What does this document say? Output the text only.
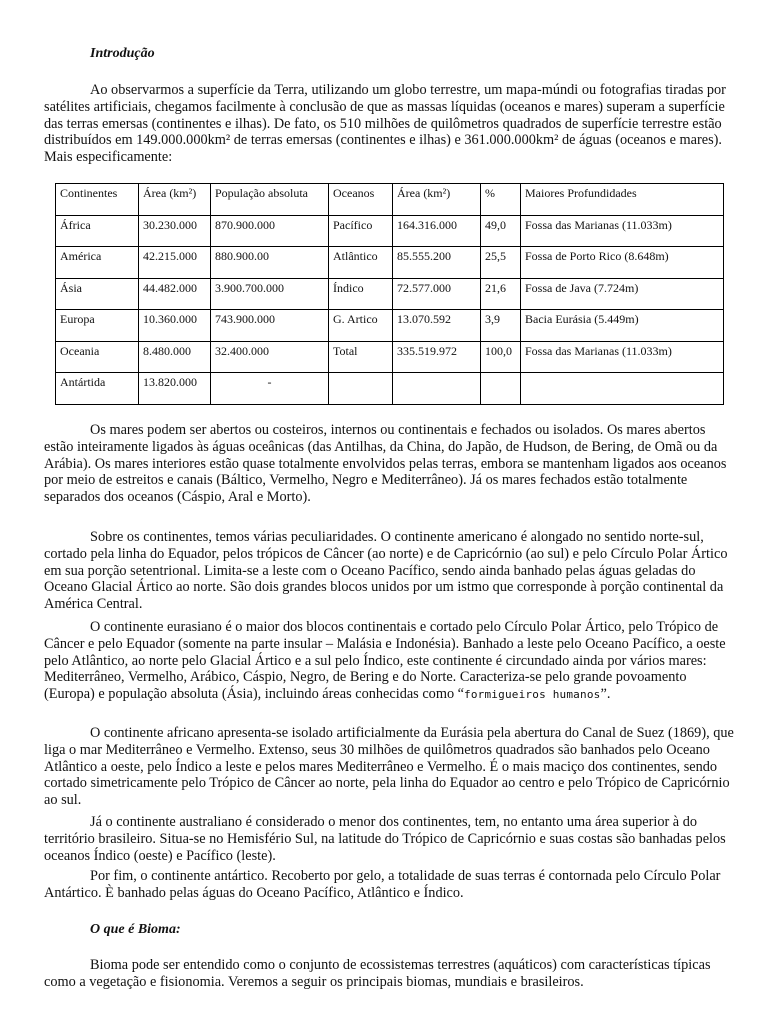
Introdução

Ao observarmos a superfície da Terra, utilizando um globo terrestre, um mapa-múndi ou fotografias tiradas por satélites artificiais, chegamos facilmente à conclusão de que as massas líquidas (oceanos e mares) superam a superfície das terras emersas (continentes e ilhas). De fato, os 510 milhões de quilômetros quadrados de superfície terrestre estão distribuídos em 149.000.000km² de terras emersas (continentes e ilhas) e 361.000.000km² de águas (oceanos e mares). Mais especificamente:

Continentes	Área (km²)	População absoluta	Oceanos	Área (km²)	%	Maiores Profundidades
África	30.230.000	870.900.000	Pacífico	164.316.000	49,0	Fossa das Marianas (11.033m)
América	42.215.000	880.900.00	Atlântico	85.555.200	25,5	Fossa de Porto Rico (8.648m)
Ásia	44.482.000	3.900.700.000	Índico	72.577.000	21,6	Fossa de Java (7.724m)
Europa	10.360.000	743.900.000	G. Artico	13.070.592	3,9	Bacia Eurásia (5.449m)
Oceania	8.480.000	32.400.000	Total	335.519.972	100,0	Fossa das Marianas (11.033m)
Antártida	13.820.000	-				

Os mares podem ser abertos ou costeiros, internos ou continentais e fechados ou isolados. Os mares abertos estão inteiramente ligados às águas oceânicas (das Antilhas, da China, do Japão, de Hudson, de Bering, de Omã ou da Arábia). Os mares interiores estão quase totalmente envolvidos pelas terras, embora se mantenham ligados aos oceanos por meio de estreitos e canais (Báltico, Vermelho, Negro e Mediterrâneo). Já os mares fechados estão totalmente separados dos oceanos (Cáspio, Aral e Morto).

Sobre os continentes, temos várias peculiaridades. O continente americano é alongado no sentido norte-sul, cortado pela linha do Equador, pelos trópicos de Câncer (ao norte) e de Capricórnio (ao sul) e pelo Círculo Polar Ártico em sua porção setentrional. Limita-se a leste com o Oceano Pacífico, sendo ainda banhado pelas águas geladas do Oceano Glacial Ártico ao norte. São dois grandes blocos unidos por um istmo que corresponde à porção continental da América Central.

O continente eurasiano é o maior dos blocos continentais e cortado pelo Círculo Polar Ártico, pelo Trópico de Câncer e pelo Equador (somente na parte insular – Malásia e Indonésia). Banhado a leste pelo Oceano Pacífico, a oeste pelo Atlântico, ao norte pelo Glacial Ártico e a sul pelo Índico, este continente é circundado ainda por vários mares: Mediterrâneo, Vermelho, Arábico, Cáspio, Negro, de Bering e do Norte. Caracteriza-se pelo grande povoamento (Europa) e população absoluta (Ásia), incluindo áreas conhecidas como “formigueiros humanos”.

O continente africano apresenta-se isolado artificialmente da Eurásia pela abertura do Canal de Suez (1869), que liga o mar Mediterrâneo e Vermelho. Extenso, seus 30 milhões de quilômetros quadrados são banhados pelo Oceano Atlântico a oeste, pelo Índico a leste e pelos mares Mediterrâneo e Vermelho. É o mais maciço dos continentes, sendo cortado simetricamente pelo Trópico de Câncer ao norte, pela linha do Equador ao centro e pelo Trópico de Capricórnio ao sul.

Já o continente australiano é considerado o menor dos continentes, tem, no entanto uma área superior à do território brasileiro. Situa-se no Hemisfério Sul, na latitude do Trópico de Capricórnio e suas costas são banhadas pelos oceanos Índico (oeste) e Pacífico (leste).

Por fim, o continente antártico. Recoberto por gelo, a totalidade de suas terras é contornada pelo Círculo Polar Antártico. È banhado pelas águas do Oceano Pacífico, Atlântico e Índico.

O que é Bioma:

Bioma pode ser entendido como o conjunto de ecossistemas terrestres (aquáticos) com características típicas como a vegetação e fisionomia. Veremos a seguir os principais biomas, mundiais e brasileiros.
